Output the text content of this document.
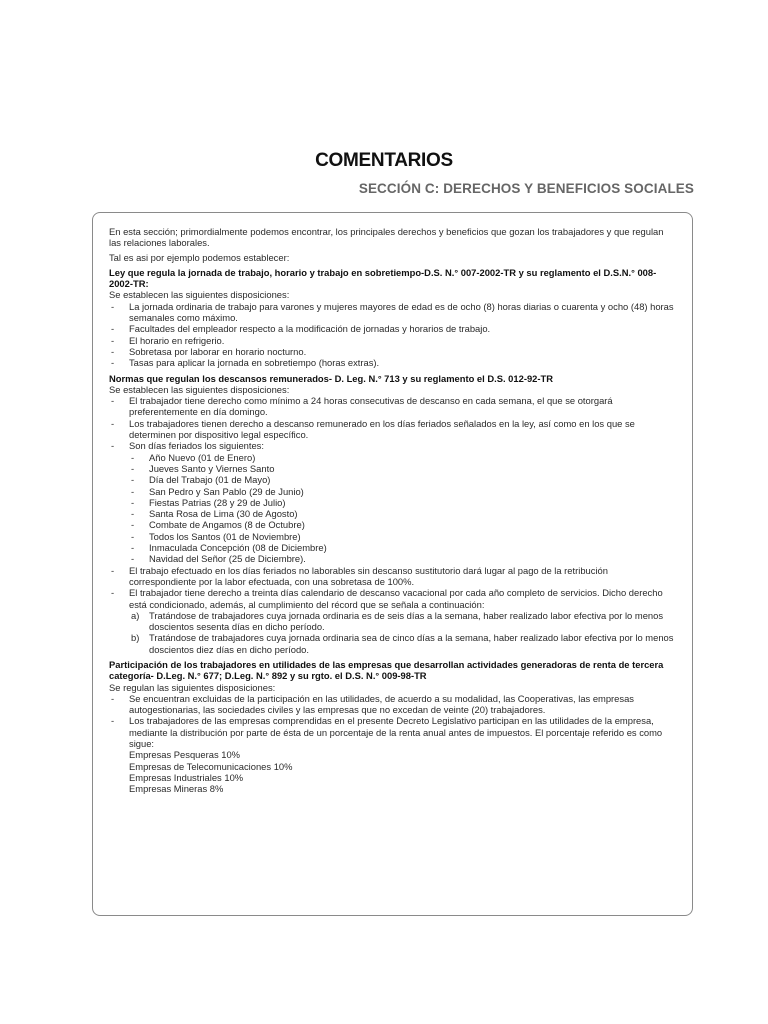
COMENTARIOS
SECCIÓN C: DERECHOS Y BENEFICIOS SOCIALES

En esta sección; primordialmente podemos encontrar, los principales derechos y beneficios que gozan los trabajadores y que regulan las relaciones laborales.

Tal es asi por ejemplo podemos establecer:

Ley que regula la jornada de trabajo, horario y trabajo en sobretiempo-D.S. N.° 007-2002-TR y su reglamento el D.S.N.° 008-2002-TR:

Se establecen las siguientes disposiciones:

- La jornada ordinaria de trabajo para varones y mujeres mayores de edad es de ocho (8) horas diarias o cuarenta y ocho (48) horas semanales como máximo.
- Facultades del empleador respecto a la modificación de jornadas y horarios de trabajo.
- El horario en refrigerio.
- Sobretasa por laborar en horario nocturno.
- Tasas para aplicar la jornada en sobretiempo (horas extras).

Normas que regulan los descansos remunerados- D. Leg. N.° 713 y su reglamento el D.S. 012-92-TR

Se establecen las siguientes disposiciones:

- El trabajador tiene derecho como mínimo a 24 horas consecutivas de descanso en cada semana, el que se otorgará preferentemente en día domingo.
- Los trabajadores tienen derecho a descanso remunerado en los días feriados señalados en la ley, así como en los que se determinen por dispositivo legal específico.
- Son días feriados los siguientes:
- Año Nuevo (01 de Enero)
- Jueves Santo y Viernes Santo
- Día del Trabajo (01 de Mayo)
- San Pedro y San Pablo (29 de Junio)
- Fiestas Patrias (28 y 29 de Julio)
- Santa Rosa de Lima (30 de Agosto)
- Combate de Angamos (8 de Octubre)
- Todos los Santos (01 de Noviembre)
- Inmaculada Concepción (08 de Diciembre)
- Navidad del Señor (25 de Diciembre).
- El trabajo efectuado en los días feriados no laborables sin descanso sustitutorio dará lugar al pago de la retribución correspondiente por la labor efectuada, con una sobretasa de 100%.
- El trabajador tiene derecho a treinta días calendario de descanso vacacional por cada año completo de servicios. Dicho derecho está condicionado, además, al cumplimiento del récord que se señala a continuación:
a) Tratándose de trabajadores cuya jornada ordinaria es de seis días a la semana, haber realizado labor efectiva por lo menos doscientos sesenta días en dicho período.
b) Tratándose de trabajadores cuya jornada ordinaria sea de cinco días a la semana, haber realizado labor efectiva por lo menos doscientos diez días en dicho período.

Participación de los trabajadores en utilidades de las empresas que desarrollan actividades generadoras de renta de tercera categoría- D.Leg. N.° 677; D.Leg. N.° 892 y su rgto. el D.S. N.° 009-98-TR

Se regulan las siguientes disposiciones:

- Se encuentran excluidas de la participación en las utilidades, de acuerdo a su modalidad, las Cooperativas, las empresas autogestionarias, las sociedades civiles y las empresas que no excedan de veinte (20) trabajadores.
- Los trabajadores de las empresas comprendidas en el presente Decreto Legislativo participan en las utilidades de la empresa, mediante la distribución por parte de ésta de un porcentaje de la renta anual antes de impuestos. El porcentaje referido es como sigue:

Empresas Pesqueras 10%

Empresas de Telecomunicaciones 10%

Empresas Industriales 10%

Empresas Mineras 8%
